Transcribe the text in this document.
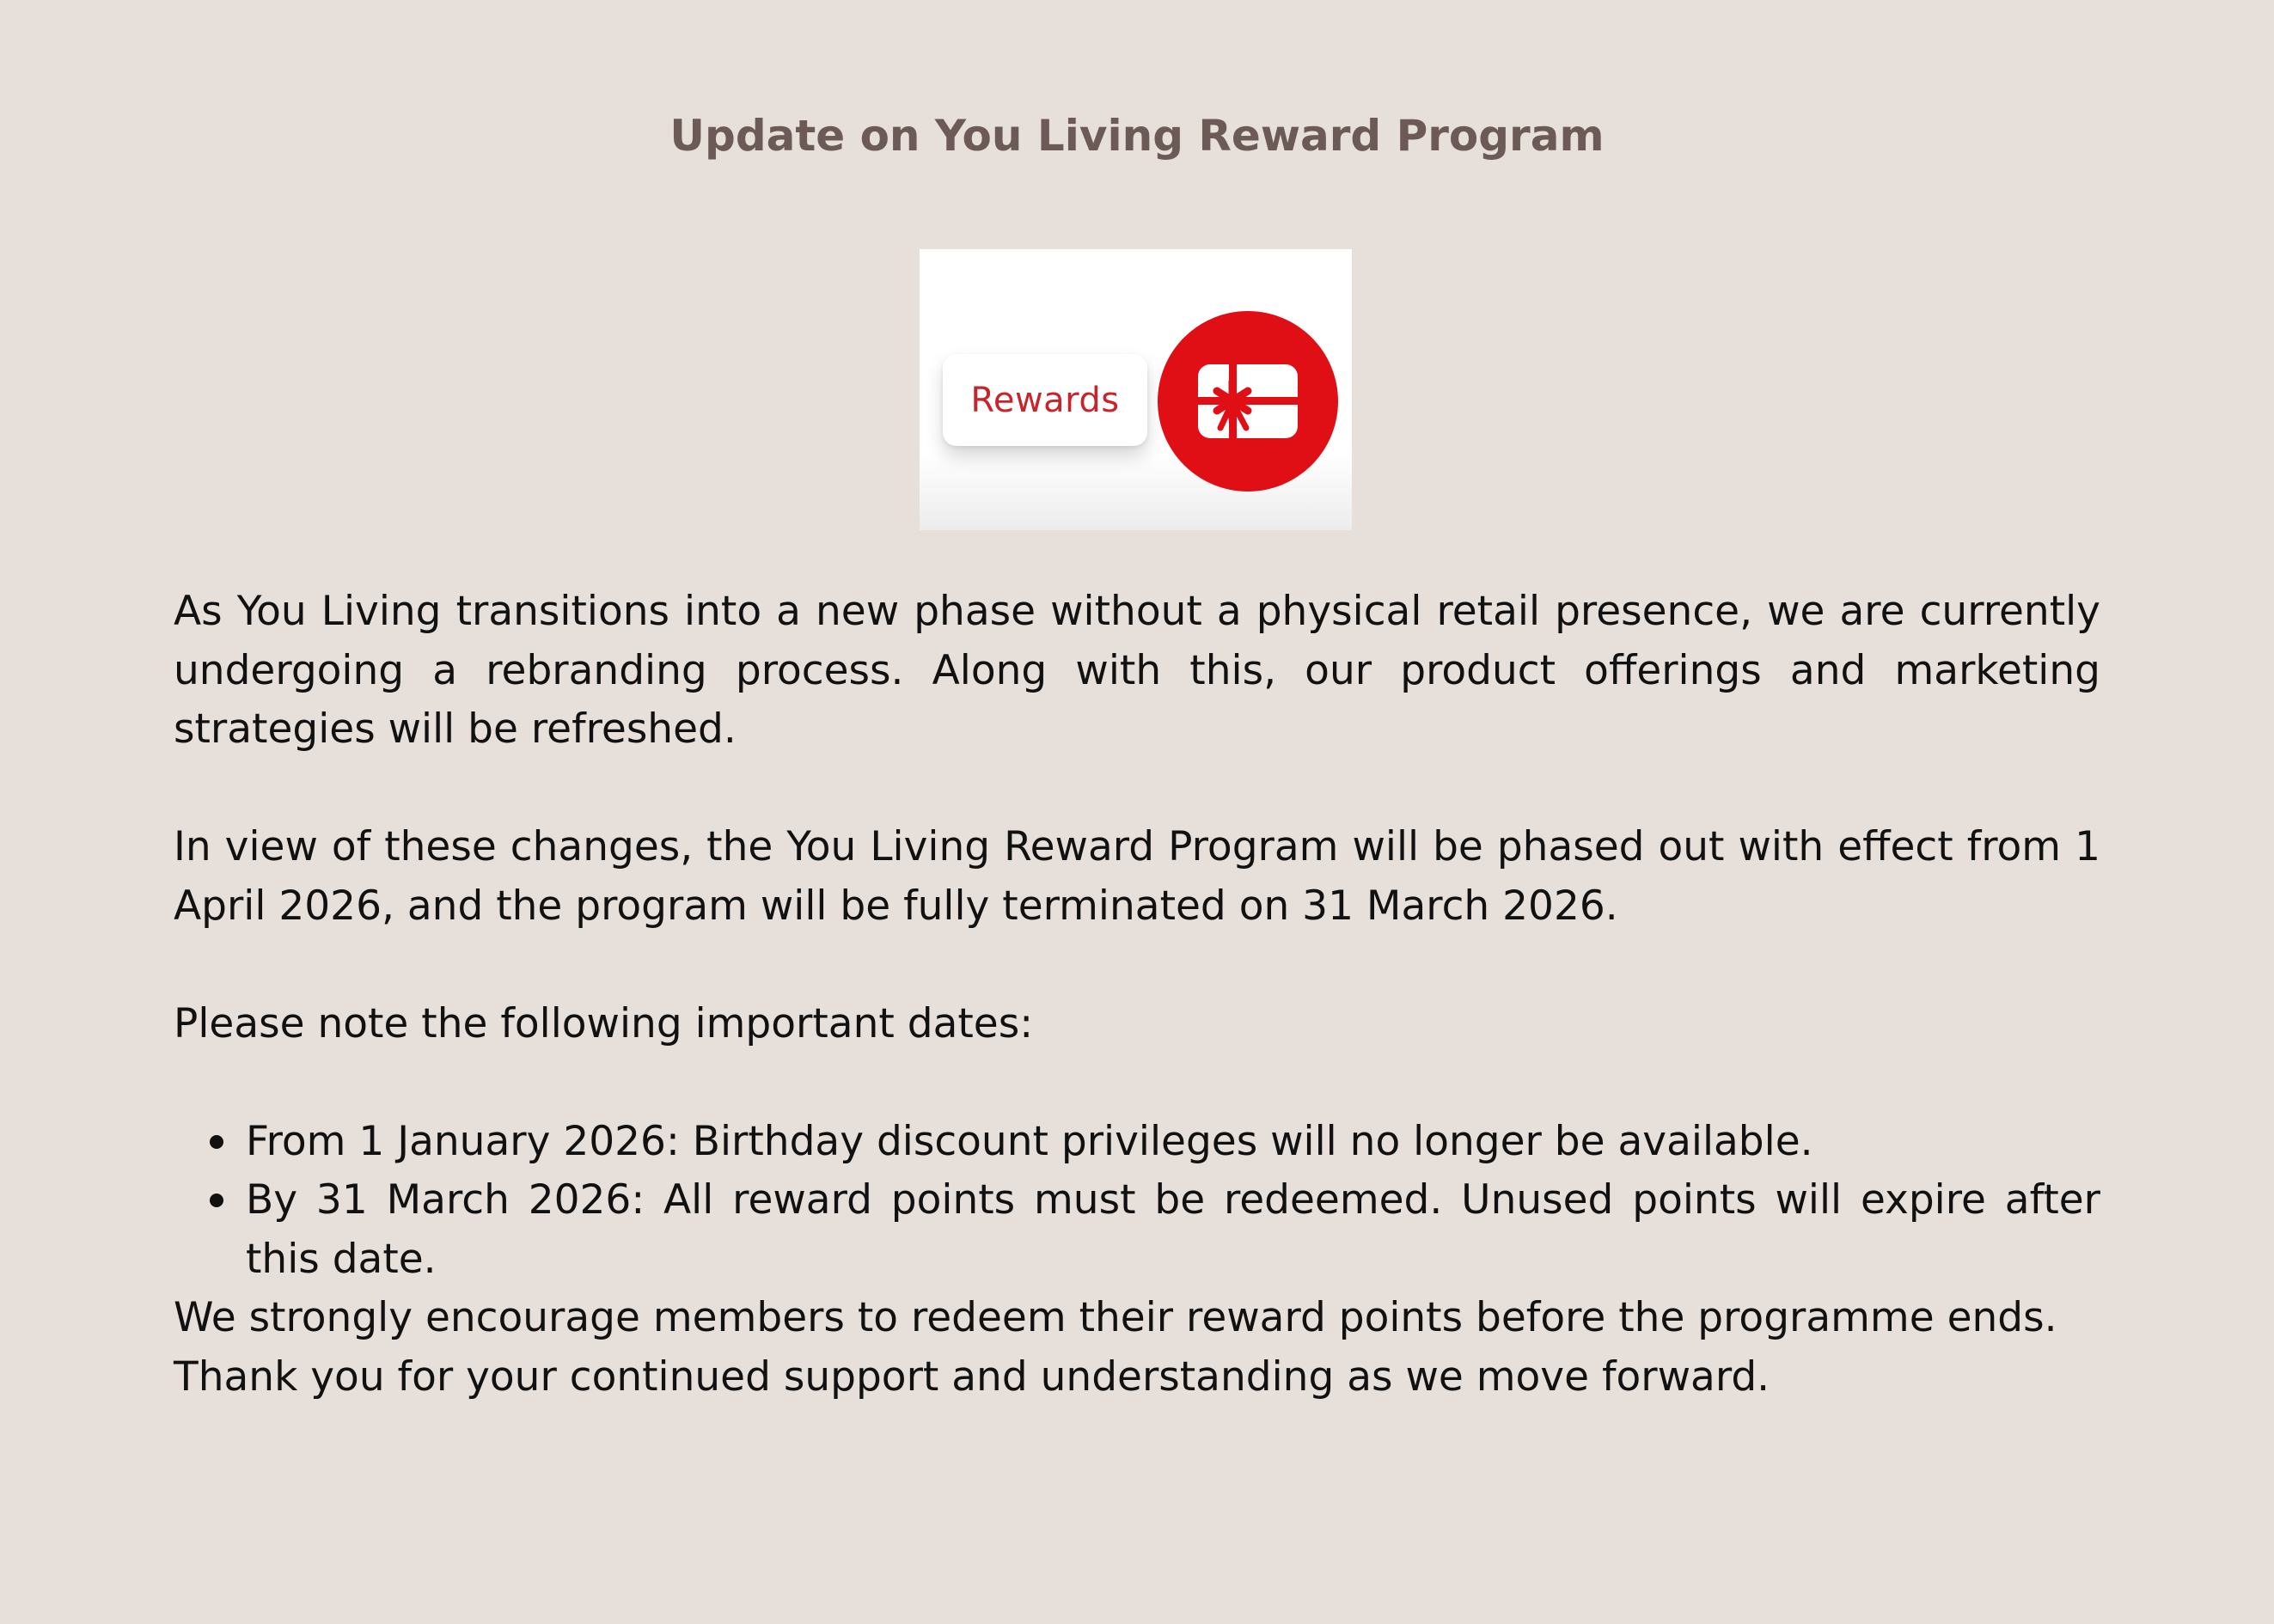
Update on You Living Reward Program
Rewards

As You Living transitions into a new phase without a physical retail presence, we are currently undergoing a rebranding process. Along with this, our product offerings and marketing strategies will be refreshed.

In view of these changes, the You Living Reward Program will be phased out with effect from 1 April 2026, and the program will be fully terminated on 31 March 2026.

Please note the following important dates:

From 1 January 2026: Birthday discount privileges will no longer be available.
By 31 March 2026: All reward points must be redeemed. Unused points will expire after this date.

We strongly encourage members to redeem their reward points before the programme ends.

Thank you for your continued support and understanding as we move forward.
